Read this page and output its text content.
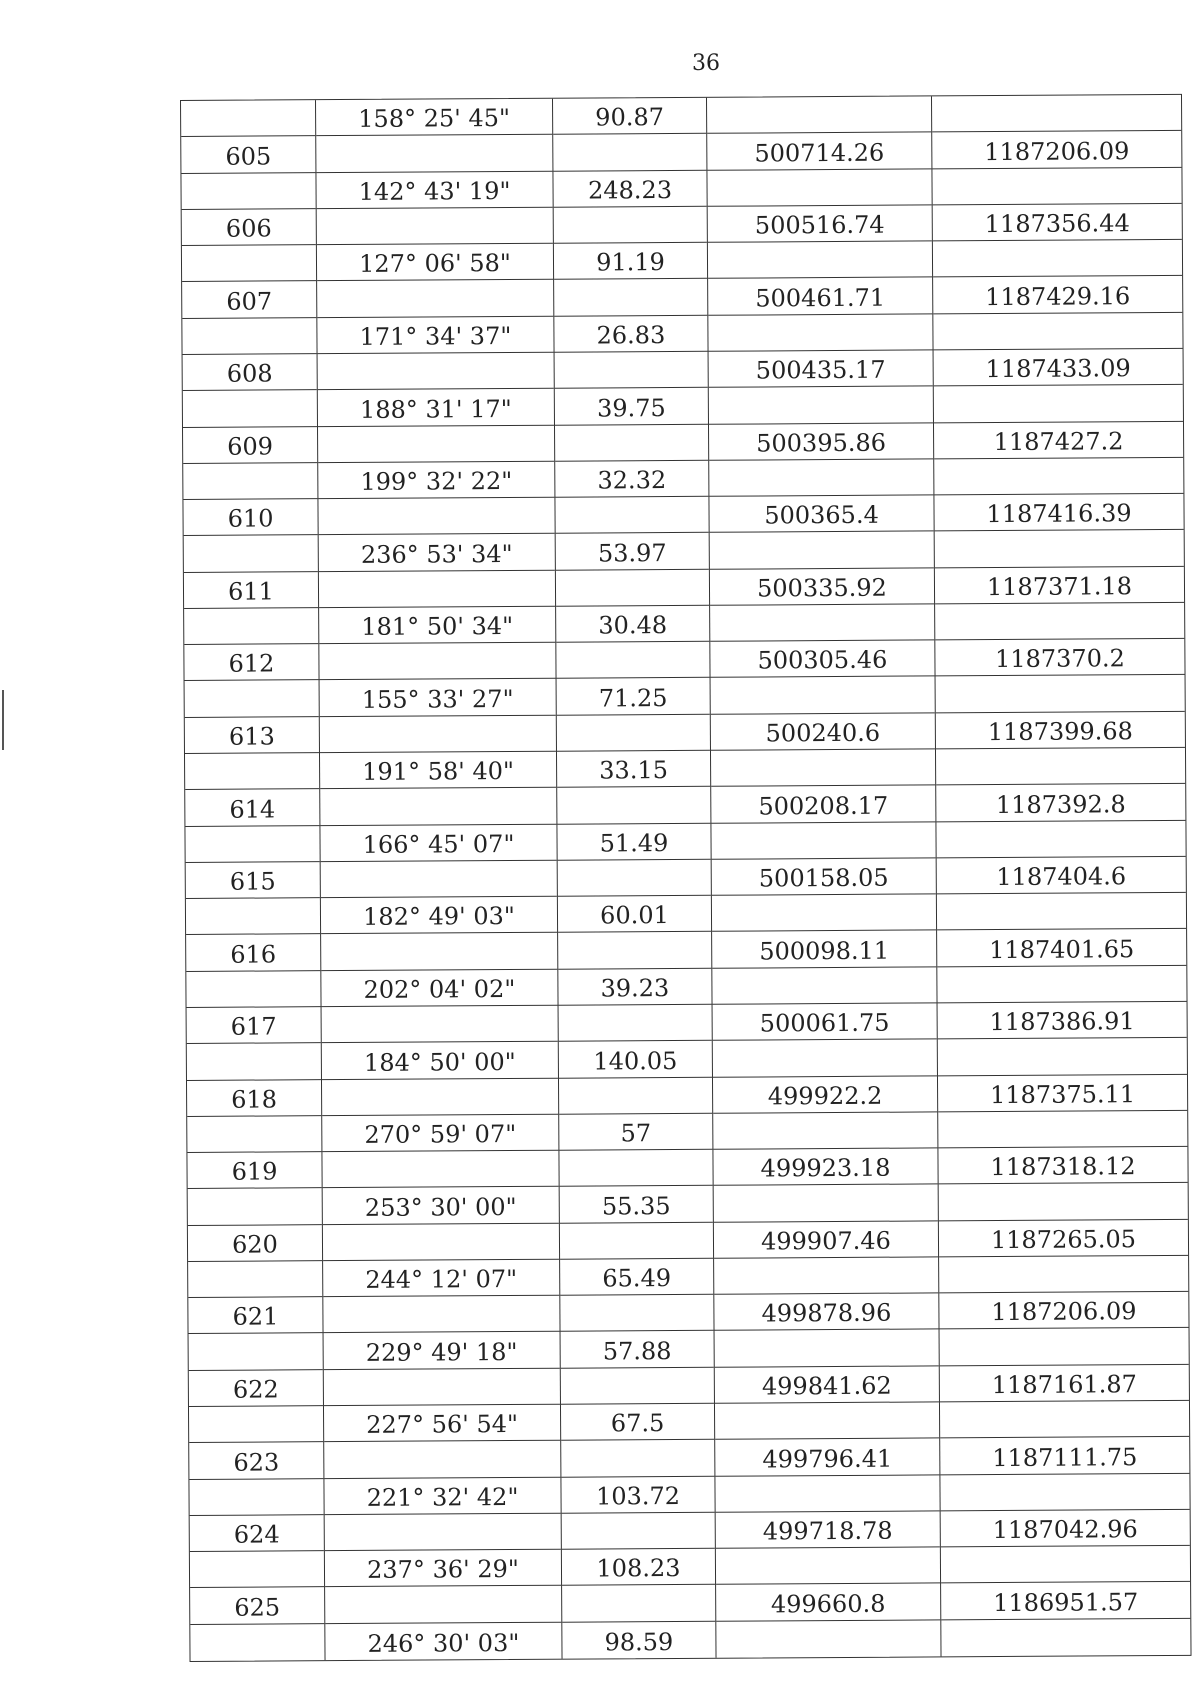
36
605
606
607
608
609
610
611
612
613
614
615
616
617
618
619
620
621
622
623
624
625
158° 25' 45"
142° 43' 19"
127° 06' 58"
171° 34' 37"
188° 31' 17"
199° 32' 22"
236° 53' 34"
181° 50' 34"
155° 33' 27"
191° 58' 40"
166° 45' 07"
182° 49' 03"
202° 04' 02"
184° 50' 00"
270° 59' 07"
253° 30' 00"
244° 12' 07"
229° 49' 18"
227° 56' 54"
221° 32' 42"
237° 36' 29"
246° 30' 03"
90.87
248.23
91.19
26.83
39.75
32.32
53.97
30.48
71.25
33.15
51.49
60.01
39.23
140.05
57
55.35
65.49
57.88
67.5
103.72
108.23
98.59
500714.26
500516.74
500461.71
500435.17
500395.86
500365.4
500335.92
500305.46
500240.6
500208.17
500158.05
500098.11
500061.75
499922.2
499923.18
499907.46
499878.96
499841.62
499796.41
499718.78
499660.8
1187206.09
1187356.44
1187429.16
1187433.09
1187427.2
1187416.39
1187371.18
1187370.2
1187399.68
1187392.8
1187404.6
1187401.65
1187386.91
1187375.11
1187318.12
1187265.05
1187206.09
1187161.87
1187111.75
1187042.96
1186951.57
